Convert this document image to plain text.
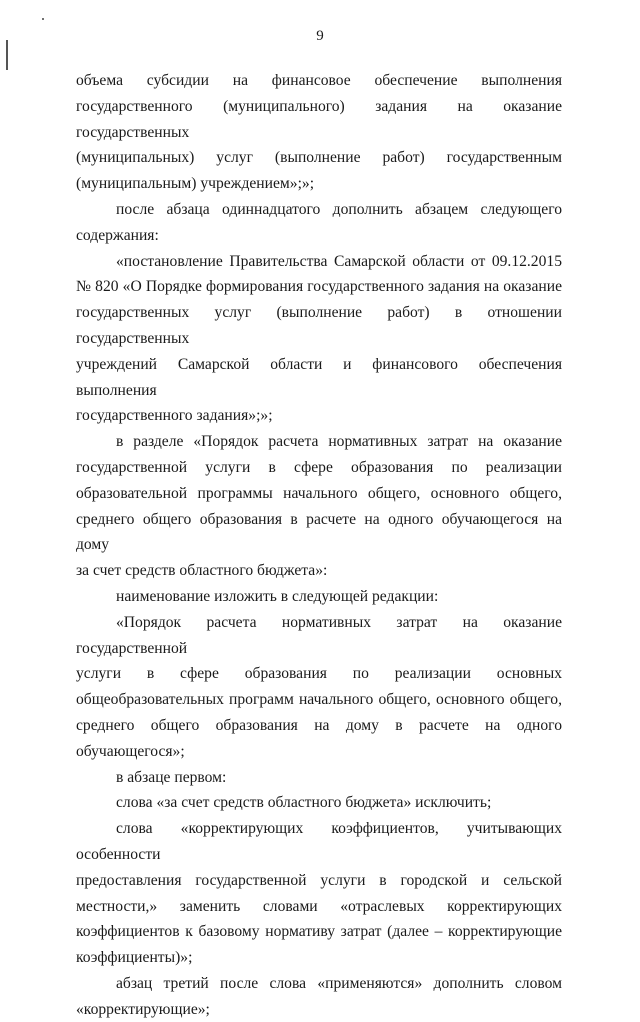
9

объема субсидии на финансовое обеспечение выполнения

государственного (муниципального) задания на оказание государственных

(муниципальных) услуг (выполнение работ) государственным

(муниципальным) учреждением»;»;

после абзаца одиннадцатого дополнить абзацем следующего

содержания:

«постановление Правительства Самарской области от 09.12.2015

№ 820 «О Порядке формирования государственного задания на оказание

государственных услуг (выполнение работ) в отношении государственных

учреждений Самарской области и финансового обеспечения выполнения

государственного задания»;»;

в разделе «Порядок расчета нормативных затрат на оказание

государственной услуги в сфере образования по реализации

образовательной программы начального общего, основного общего,

среднего общего образования в расчете на одного обучающегося на дому

за счет средств областного бюджета»:

наименование изложить в следующей редакции:

«Порядок расчета нормативных затрат на оказание государственной

услуги в сфере образования по реализации основных

общеобразовательных программ начального общего, основного общего,

среднего общего образования на дому в расчете на одного обучающегося»;

в абзаце первом:

слова «за счет средств областного бюджета» исключить;

слова «корректирующих коэффициентов, учитывающих особенности

предоставления государственной услуги в городской и сельской

местности,» заменить словами «отраслевых корректирующих

коэффициентов к базовому нормативу затрат (далее – корректирующие

коэффициенты)»;

абзац третий после слова «применяются» дополнить словом

«корректирующие»;
